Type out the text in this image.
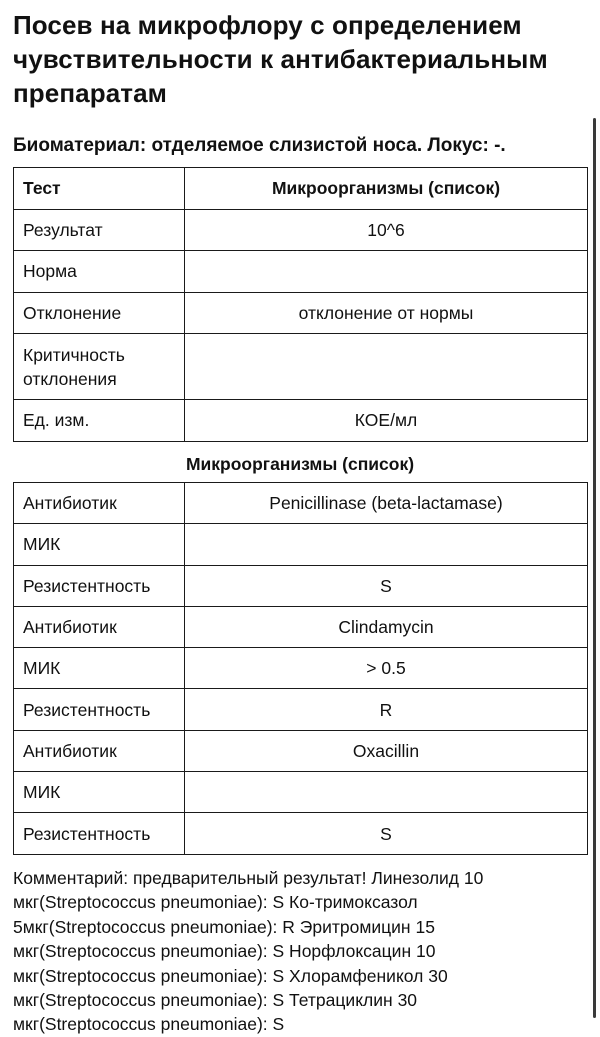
Посев на микрофлору с определением чувствительности к антибактериальным препаратам
Биоматериал: отделяемое слизистой носа. Локус: -.
Тест	Микроорганизмы (список)
Результат	10^6
Норма	
Отклонение	отклонение от нормы
Критичность отклонения	
Ед. изм.	КОЕ/мл
Микроорганизмы (список)
Антибиотик	Penicillinase (beta-lactamase)
МИК	
Резистентность	S
Антибиотик	Clindamycin
МИК	> 0.5
Резистентность	R
Антибиотик	Oxacillin
МИК	
Резистентность	S
Комментарий: предварительный результат! Линезолид 10
мкг(Streptococcus pneumoniae): S Ко-тримоксазол
5мкг(Streptococcus pneumoniae): R Эритромицин 15
мкг(Streptococcus pneumoniae): S Норфлоксацин 10
мкг(Streptococcus pneumoniae): S Хлорамфеникол 30
мкг(Streptococcus pneumoniae): S Тетрациклин 30
мкг(Streptococcus pneumoniae): S
